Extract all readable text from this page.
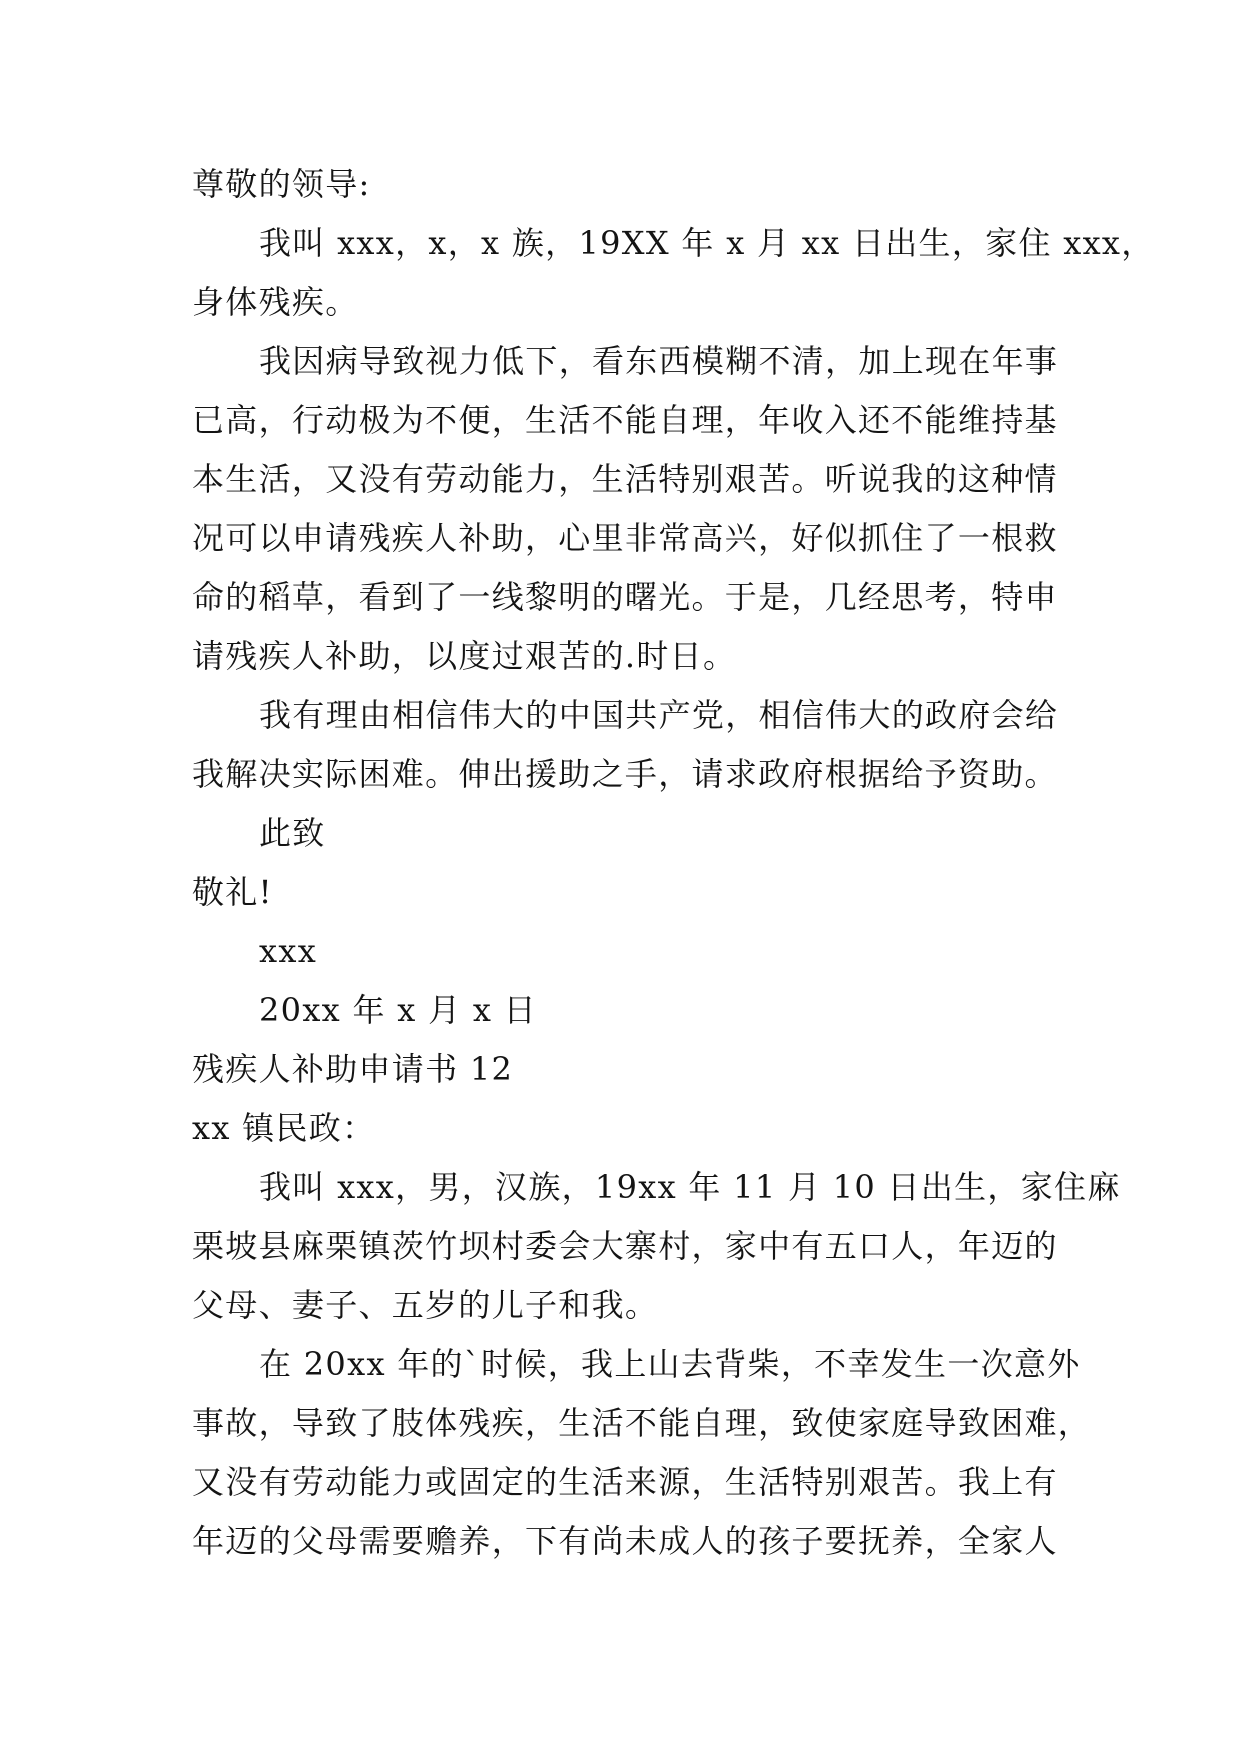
尊敬的领导:
我叫 xxx，x，x 族，19XX 年 x 月 xx 日出生，家住 xxx，
身体残疾。
我因病导致视力低下，看东西模糊不清，加上现在年事
已高，行动极为不便，生活不能自理，年收入还不能维持基
本生活，又没有劳动能力，生活特别艰苦。听说我的这种情
况可以申请残疾人补助，心里非常高兴，好似抓住了一根救
命的稻草，看到了一线黎明的曙光。于是，几经思考，特申
请残疾人补助，以度过艰苦的.时日。
我有理由相信伟大的中国共产党，相信伟大的政府会给
我解决实际困难。伸出援助之手，请求政府根据给予资助。
此致
敬礼!
xxx
20xx 年 x 月 x 日
残疾人补助申请书 12
xx 镇民政：
我叫 xxx，男，汉族，19xx 年 11 月 10 日出生，家住麻
栗坡县麻栗镇茨竹坝村委会大寨村，家中有五口人，年迈的
父母、妻子、五岁的儿子和我。
在 20xx 年的`时候，我上山去背柴，不幸发生一次意外
事故，导致了肢体残疾，生活不能自理，致使家庭导致困难，
又没有劳动能力或固定的生活来源，生活特别艰苦。我上有
年迈的父母需要赡养，下有尚未成人的孩子要抚养，全家人
